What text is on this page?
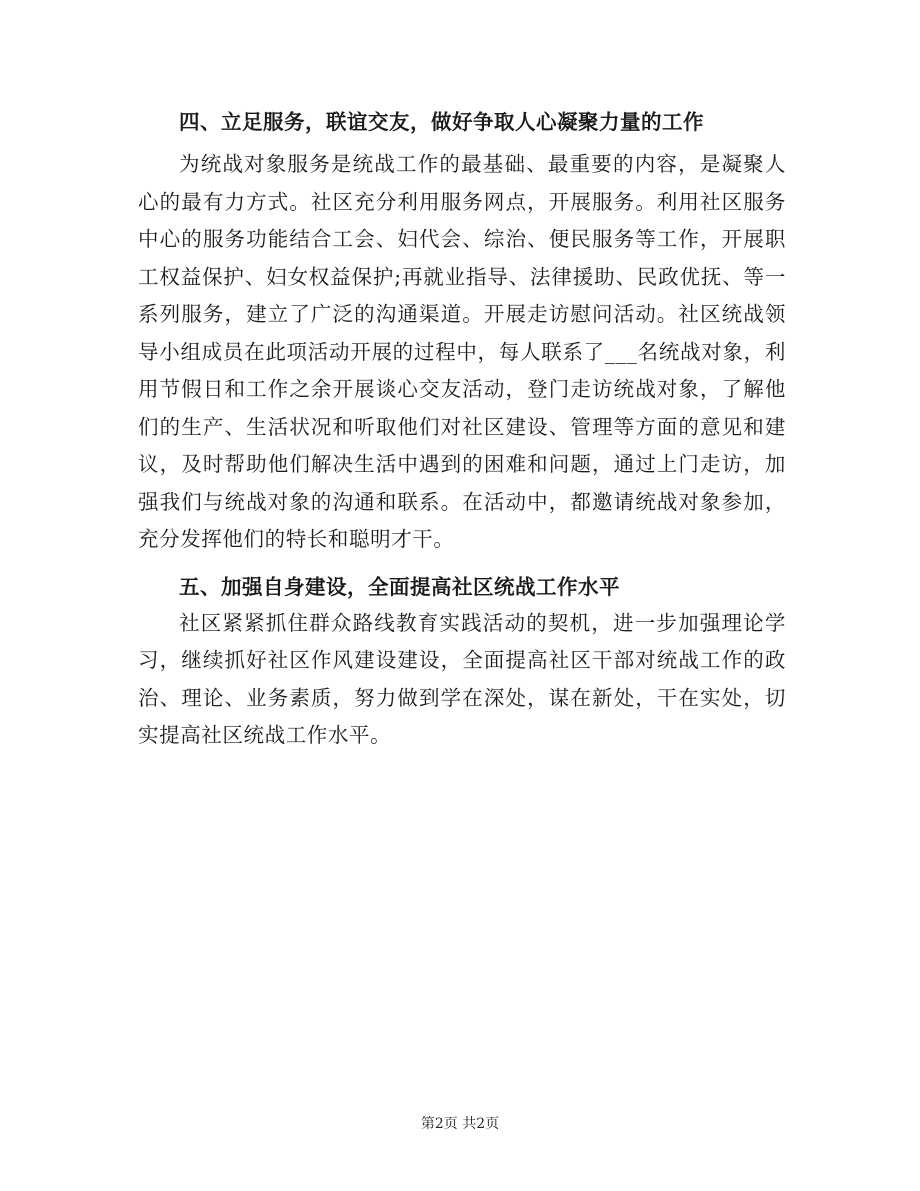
四、立足服务，联谊交友，做好争取人心凝聚力量的工作

为统战对象服务是统战工作的最基础、最重要的内容，是凝聚人心的最有力方式。社区充分利用服务网点，开展服务。利用社区服务中心的服务功能结合工会、妇代会、综治、便民服务等工作，开展职工权益保护、妇女权益保护;再就业指导、法律援助、民政优抚、等一系列服务，建立了广泛的沟通渠道。开展走访慰问活动。社区统战领导小组成员在此项活动开展的过程中，每人联系了___名统战对象，利用节假日和工作之余开展谈心交友活动，登门走访统战对象，了解他们的生产、生活状况和听取他们对社区建设、管理等方面的意见和建议，及时帮助他们解决生活中遇到的困难和问题，通过上门走访，加强我们与统战对象的沟通和联系。在活动中，都邀请统战对象参加，充分发挥他们的特长和聪明才干。

五、加强自身建设，全面提高社区统战工作水平

社区紧紧抓住群众路线教育实践活动的契机，进一步加强理论学习，继续抓好社区作风建设建设，全面提高社区干部对统战工作的政治、理论、业务素质，努力做到学在深处，谋在新处，干在实处，切实提高社区统战工作水平。

第2页 共2页
